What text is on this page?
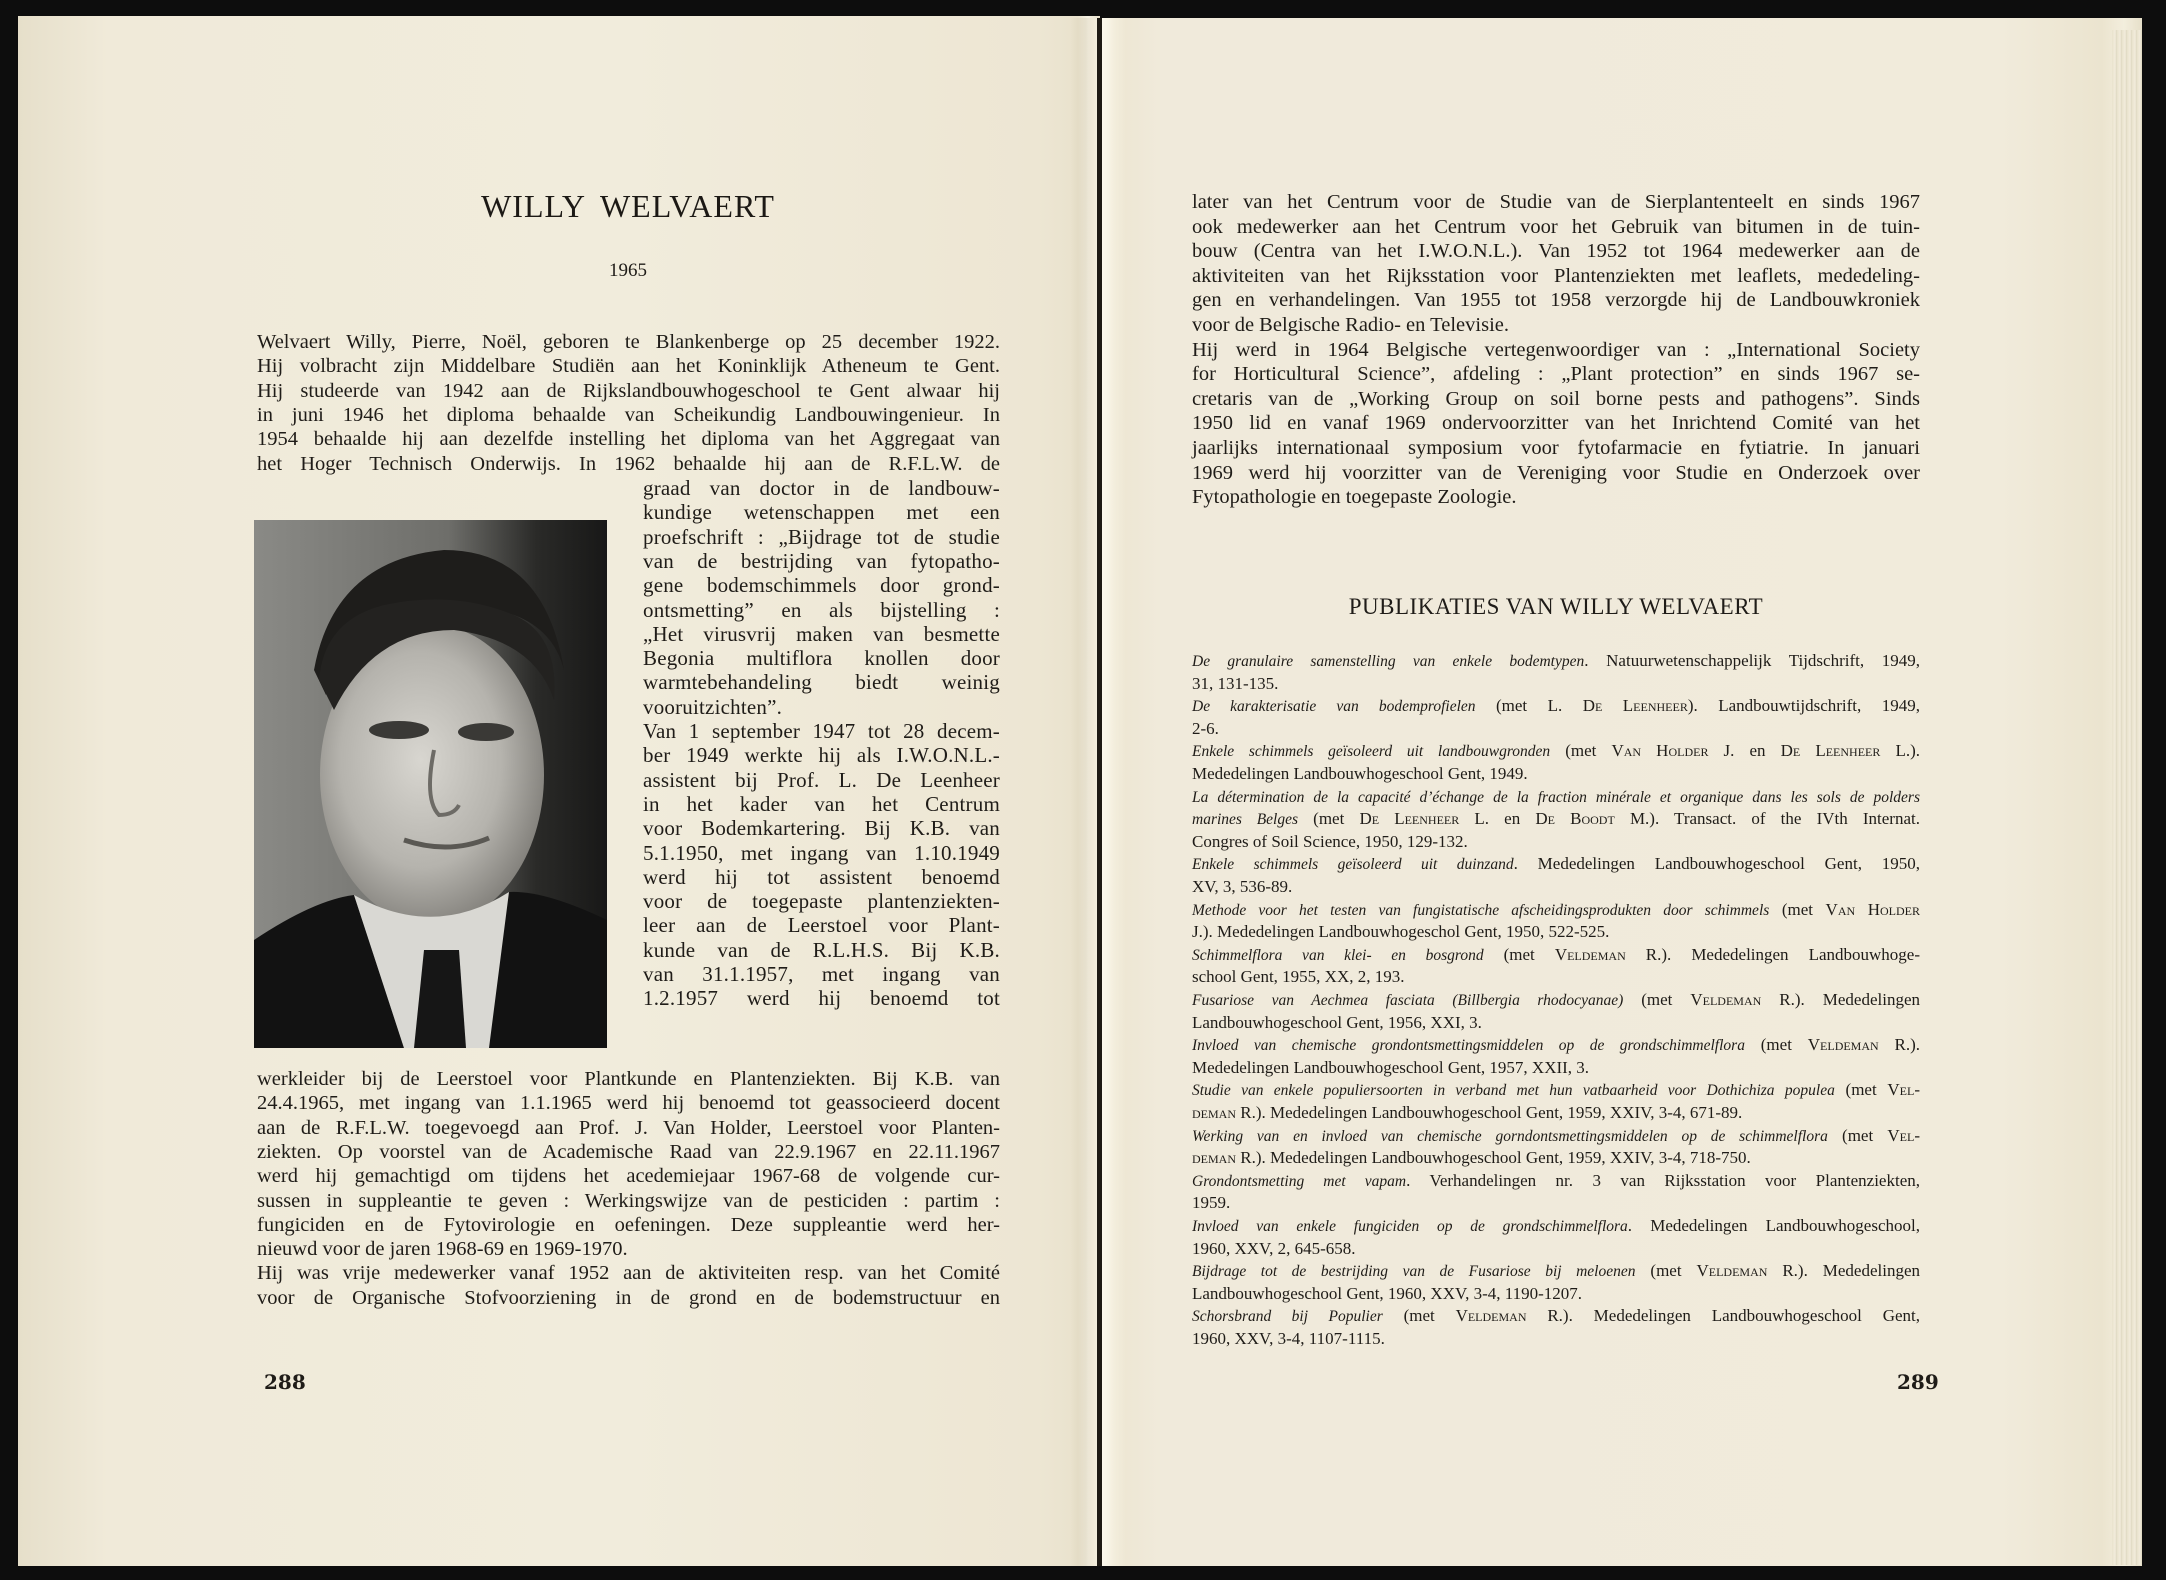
WILLY WELVAERT
1965
Welvaert Willy, Pierre, Noël, geboren te Blankenberge op 25 december 1922.
Hij volbracht zijn Middelbare Studiën aan het Koninklijk Atheneum te Gent.
Hij studeerde van 1942 aan de Rijkslandbouwhogeschool te Gent alwaar hij
in juni 1946 het diploma behaalde van Scheikundig Landbouwingenieur. In
1954 behaalde hij aan dezelfde instelling het diploma van het Aggregaat van
het Hoger Technisch Onderwijs. In 1962 behaalde hij aan de R.F.L.W. de
graad van doctor in de landbouw-
kundige wetenschappen met een
proefschrift : „Bijdrage tot de studie
van de bestrijding van fytopatho-
gene bodemschimmels door grond-
ontsmetting” en als bijstelling :
„Het virusvrij maken van besmette
Begonia multiflora knollen door
warmtebehandeling biedt weinig
vooruitzichten”.
Van 1 september 1947 tot 28 decem-
ber 1949 werkte hij als I.W.O.N.L.-
assistent bij Prof. L. De Leenheer
in het kader van het Centrum
voor Bodemkartering. Bij K.B. van
5.1.1950, met ingang van 1.10.1949
werd hij tot assistent benoemd
voor de toegepaste plantenziekten-
leer aan de Leerstoel voor Plant-
kunde van de R.L.H.S. Bij K.B.
van 31.1.1957, met ingang van
1.2.1957 werd hij benoemd tot
werkleider bij de Leerstoel voor Plantkunde en Plantenziekten. Bij K.B. van
24.4.1965, met ingang van 1.1.1965 werd hij benoemd tot geassocieerd docent
aan de R.F.L.W. toegevoegd aan Prof. J. Van Holder, Leerstoel voor Planten-
ziekten. Op voorstel van de Academische Raad van 22.9.1967 en 22.11.1967
werd hij gemachtigd om tijdens het acedemiejaar 1967-68 de volgende cur-
sussen in suppleantie te geven : Werkingswijze van de pesticiden : partim :
fungiciden en de Fytovirologie en oefeningen. Deze suppleantie werd her-
nieuwd voor de jaren 1968-69 en 1969-1970.
Hij was vrije medewerker vanaf 1952 aan de aktiviteiten resp. van het Comité
voor de Organische Stofvoorziening in de grond en de bodemstructuur en
288
later van het Centrum voor de Studie van de Sierplantenteelt en sinds 1967
ook medewerker aan het Centrum voor het Gebruik van bitumen in de tuin-
bouw (Centra van het I.W.O.N.L.). Van 1952 tot 1964 medewerker aan de
aktiviteiten van het Rijksstation voor Plantenziekten met leaflets, mededeling-
gen en verhandelingen. Van 1955 tot 1958 verzorgde hij de Landbouwkroniek
voor de Belgische Radio- en Televisie.
Hij werd in 1964 Belgische vertegenwoordiger van : „International Society
for Horticultural Science”, afdeling : „Plant protection” en sinds 1967 se-
cretaris van de „Working Group on soil borne pests and pathogens”. Sinds
1950 lid en vanaf 1969 ondervoorzitter van het Inrichtend Comité van het
jaarlijks internationaal symposium voor fytofarmacie en fytiatrie. In januari
1969 werd hij voorzitter van de Vereniging voor Studie en Onderzoek over
Fytopathologie en toegepaste Zoologie.
PUBLIKATIES VAN WILLY WELVAERT
De granulaire samenstelling van enkele bodemtypen. Natuurwetenschappelijk Tijdschrift, 1949,
31, 131-135.
De karakterisatie van bodemprofielen (met L. De Leenheer). Landbouwtijdschrift, 1949,
2-6.
Enkele schimmels geïsoleerd uit landbouwgronden (met Van Holder J. en De Leenheer L.).
Mededelingen Landbouwhogeschool Gent, 1949.
La détermination de la capacité d’échange de la fraction minérale et organique dans les sols de polders
marines Belges (met De Leenheer L. en De Boodt M.). Transact. of the IVth Internat.
Congres of Soil Science, 1950, 129-132.
Enkele schimmels geïsoleerd uit duinzand. Mededelingen Landbouwhogeschool Gent, 1950,
XV, 3, 536-89.
Methode voor het testen van fungistatische afscheidingsprodukten door schimmels (met Van Holder
J.). Mededelingen Landbouwhogeschol Gent, 1950, 522-525.
Schimmelflora van klei- en bosgrond (met Veldeman R.). Mededelingen Landbouwhoge-
school Gent, 1955, XX, 2, 193.
Fusariose van Aechmea fasciata (Billbergia rhodocyanae) (met Veldeman R.). Mededelingen
Landbouwhogeschool Gent, 1956, XXI, 3.
Invloed van chemische grondontsmettingsmiddelen op de grondschimmelflora (met Veldeman R.).
Mededelingen Landbouwhogeschool Gent, 1957, XXII, 3.
Studie van enkele populiersoorten in verband met hun vatbaarheid voor Dothichiza populea (met Vel-
deman R.). Mededelingen Landbouwhogeschool Gent, 1959, XXIV, 3-4, 671-89.
Werking van en invloed van chemische gorndontsmettingsmiddelen op de schimmelflora (met Vel-
deman R.). Mededelingen Landbouwhogeschool Gent, 1959, XXIV, 3-4, 718-750.
Grondontsmetting met vapam. Verhandelingen nr. 3 van Rijksstation voor Plantenziekten,
1959.
Invloed van enkele fungiciden op de grondschimmelflora. Mededelingen Landbouwhogeschool,
1960, XXV, 2, 645-658.
Bijdrage tot de bestrijding van de Fusariose bij meloenen (met Veldeman R.). Mededelingen
Landbouwhogeschool Gent, 1960, XXV, 3-4, 1190-1207.
Schorsbrand bij Populier (met Veldeman R.). Mededelingen Landbouwhogeschool Gent,
1960, XXV, 3-4, 1107-1115.
289
